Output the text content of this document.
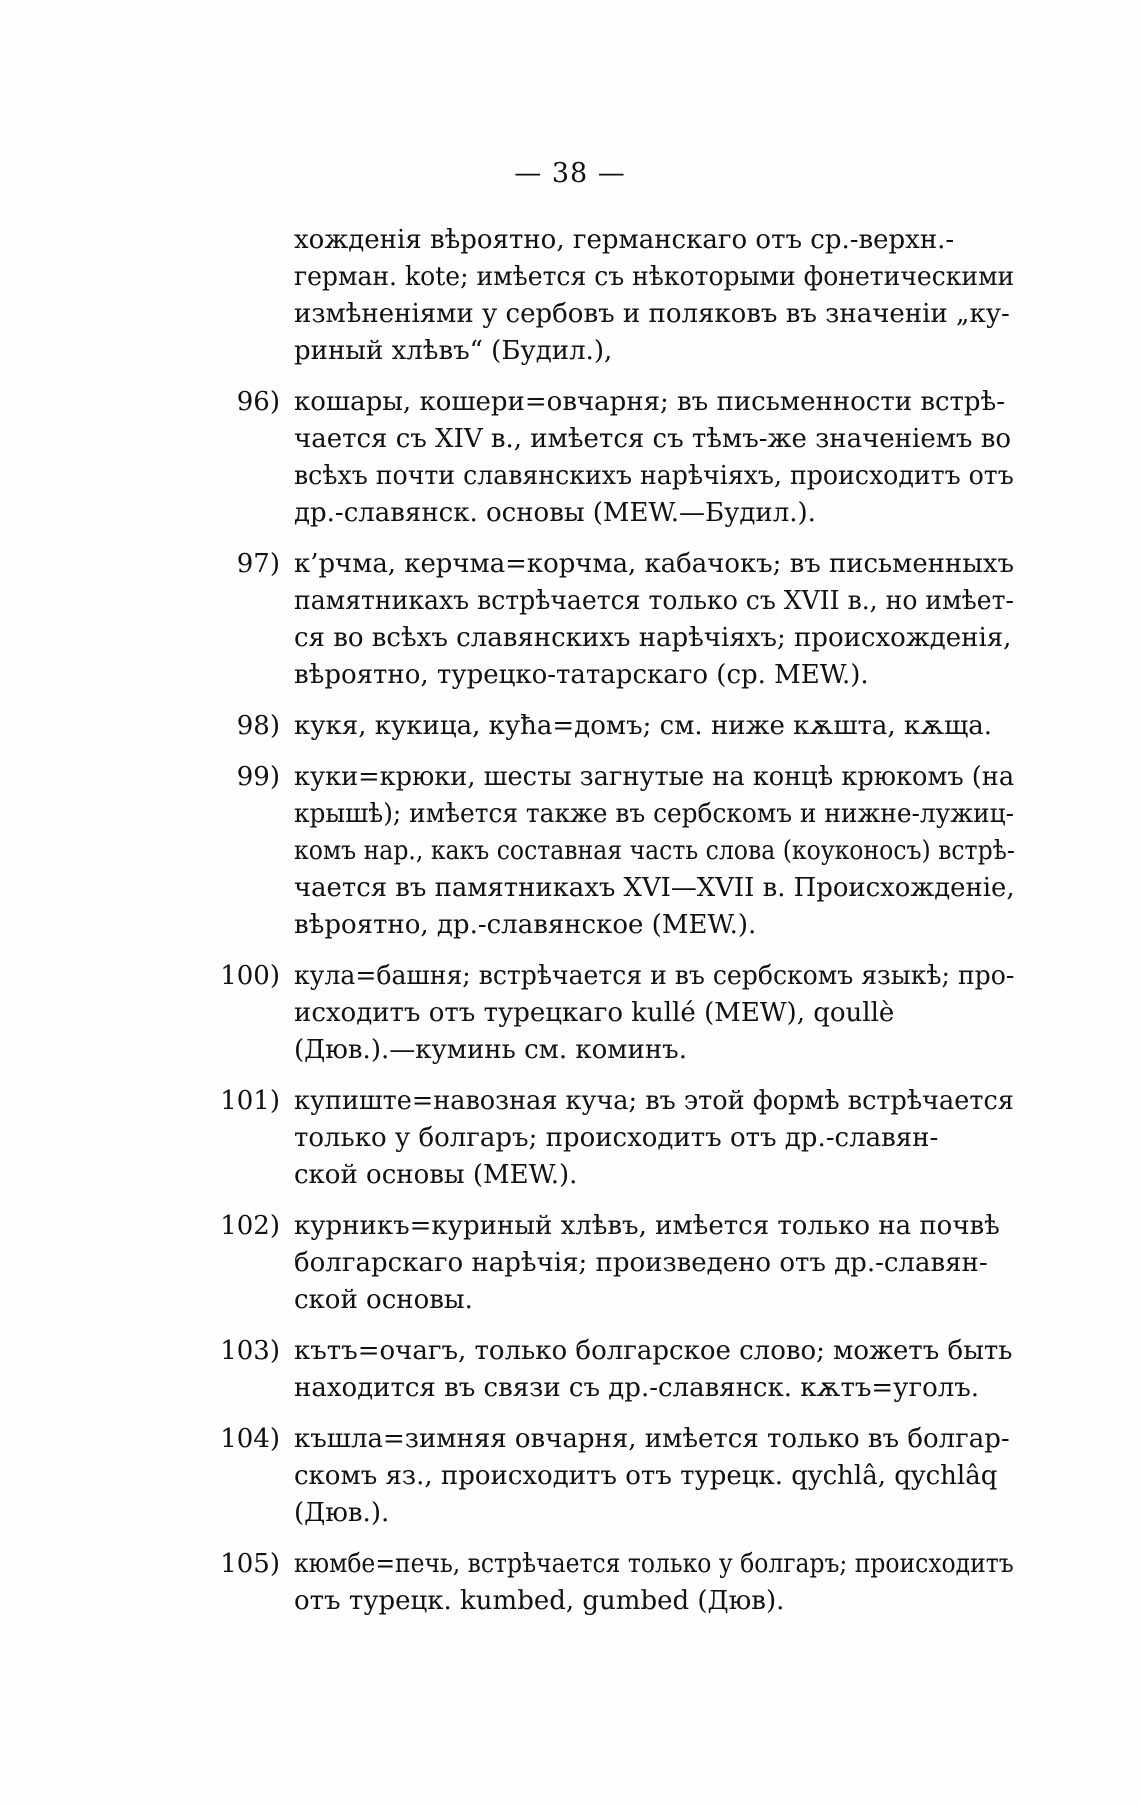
— 38 —
хожденія вѣроятно, германскаго отъ ср.-верхн.-
герман. kote; имѣется съ нѣкоторыми фонетическими
измѣненіями у сербовъ и поляковъ въ значеніи „ку-
риный хлѣвъ“ (Будил.),
96) кошары, кошери=овчарня; въ письменности встрѣ-
чается съ XIV в., имѣется съ тѣмъ-же значеніемъ во
всѣхъ почти славянскихъ нарѣчіяхъ, происходитъ отъ
др.-славянск. основы (MEW.—Будил.).
97) к’рчма, керчма=корчма, кабачокъ; въ письменныхъ
памятникахъ встрѣчается только съ XVII в., но имѣет-
ся во всѣхъ славянскихъ нарѣчіяхъ; происхожденія,
вѣроятно, турецко-татарскаго (ср. MEW.).
98) кукя, кукица, куħа=домъ; см. ниже кѫшта, кѫща.
99) куки=крюки, шесты загнутые на концѣ крюкомъ (на
крышѣ); имѣется также въ сербскомъ и нижне-лужиц-
комъ нар., какъ составная часть слова (коуконосъ) встрѣ-
чается въ памятникахъ XVI—XVII в. Происхожденіе,
вѣроятно, др.-славянское (MEW.).
100) кула=башня; встрѣчается и въ сербскомъ языкѣ; про-
исходитъ отъ турецкаго kullé (MEW), qoullè
(Дюв.).—куминь см. коминъ.
101) купиште=навозная куча; въ этой формѣ встрѣчается
только у болгаръ; происходитъ отъ др.-славян-
ской основы (MEW.).
102) курникъ=куриный хлѣвъ, имѣется только на почвѣ
болгарскаго нарѣчія; произведено отъ др.-славян-
ской основы.
103) кътъ=очагъ, только болгарское слово; можетъ быть
находится въ связи съ др.-славянск. кѫтъ=уголъ.
104) къшла=зимняя овчарня, имѣется только въ болгар-
скомъ яз., происходитъ отъ турецк. qychlâ, qychlâq
(Дюв.).
105) кюмбе=печь, встрѣчается только у болгаръ; происходитъ
отъ турецк. kumbed, gumbed (Дюв).
